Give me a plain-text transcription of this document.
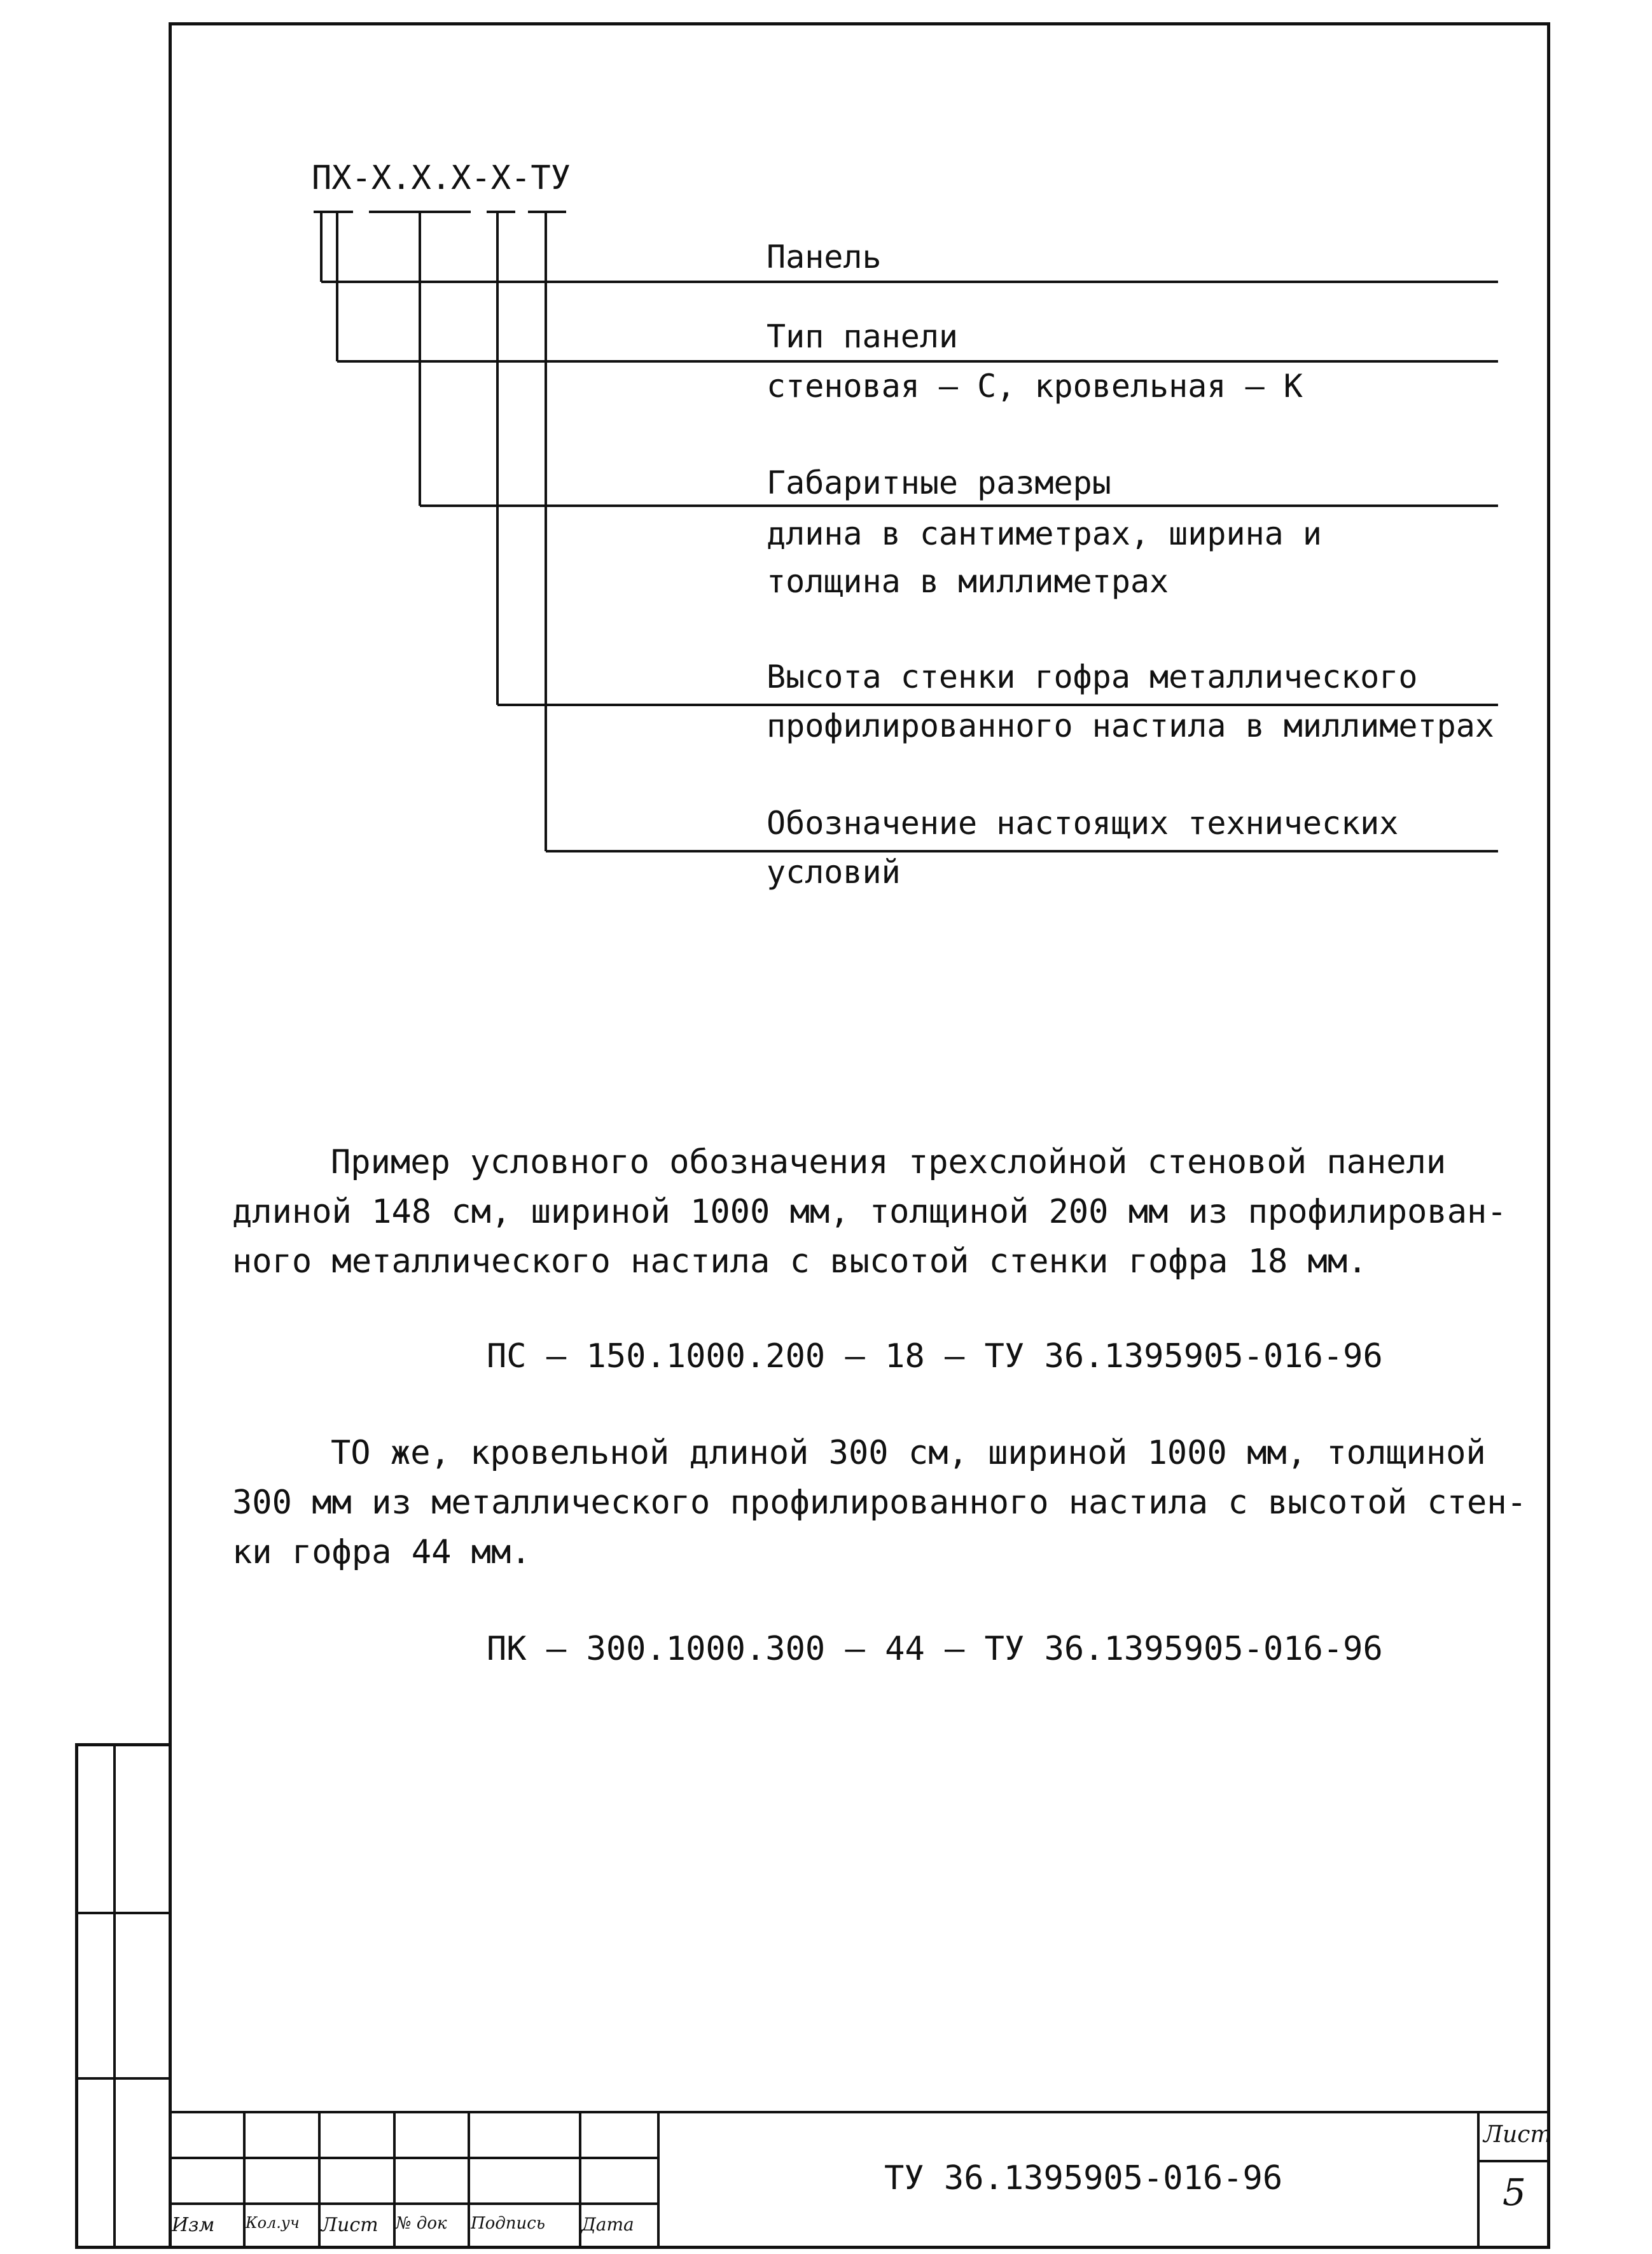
ПХ-Х.Х.Х-Х-ТУ
Панель
Тип панели
стеновая – С, кровельная – К
Габаритные размеры
длина в сантиметрах, ширина и
толщина в миллиметрах
Высота стенки гофра металлического
профилированного настила в миллиметрах
Обозначение настоящих технических
условий
Пример условного обозначения трехслойной стеновой панели
длиной 148 см, шириной 1000 мм, толщиной 200 мм из профилирован-
ного металлического настила с высотой стенки гофра 18 мм.
ПС – 150.1000.200 – 18 – ТУ 36.1395905-016-96
ТО же, кровельной длиной 300 см, шириной 1000 мм, толщиной
300 мм из металлического профилированного настила с высотой стен-
ки гофра 44 мм.
ПК – 300.1000.300 – 44 – ТУ 36.1395905-016-96
Изм Кол.уч Лист № док Подпись Дата
ТУ 36.1395905-016-96
Лист
5
